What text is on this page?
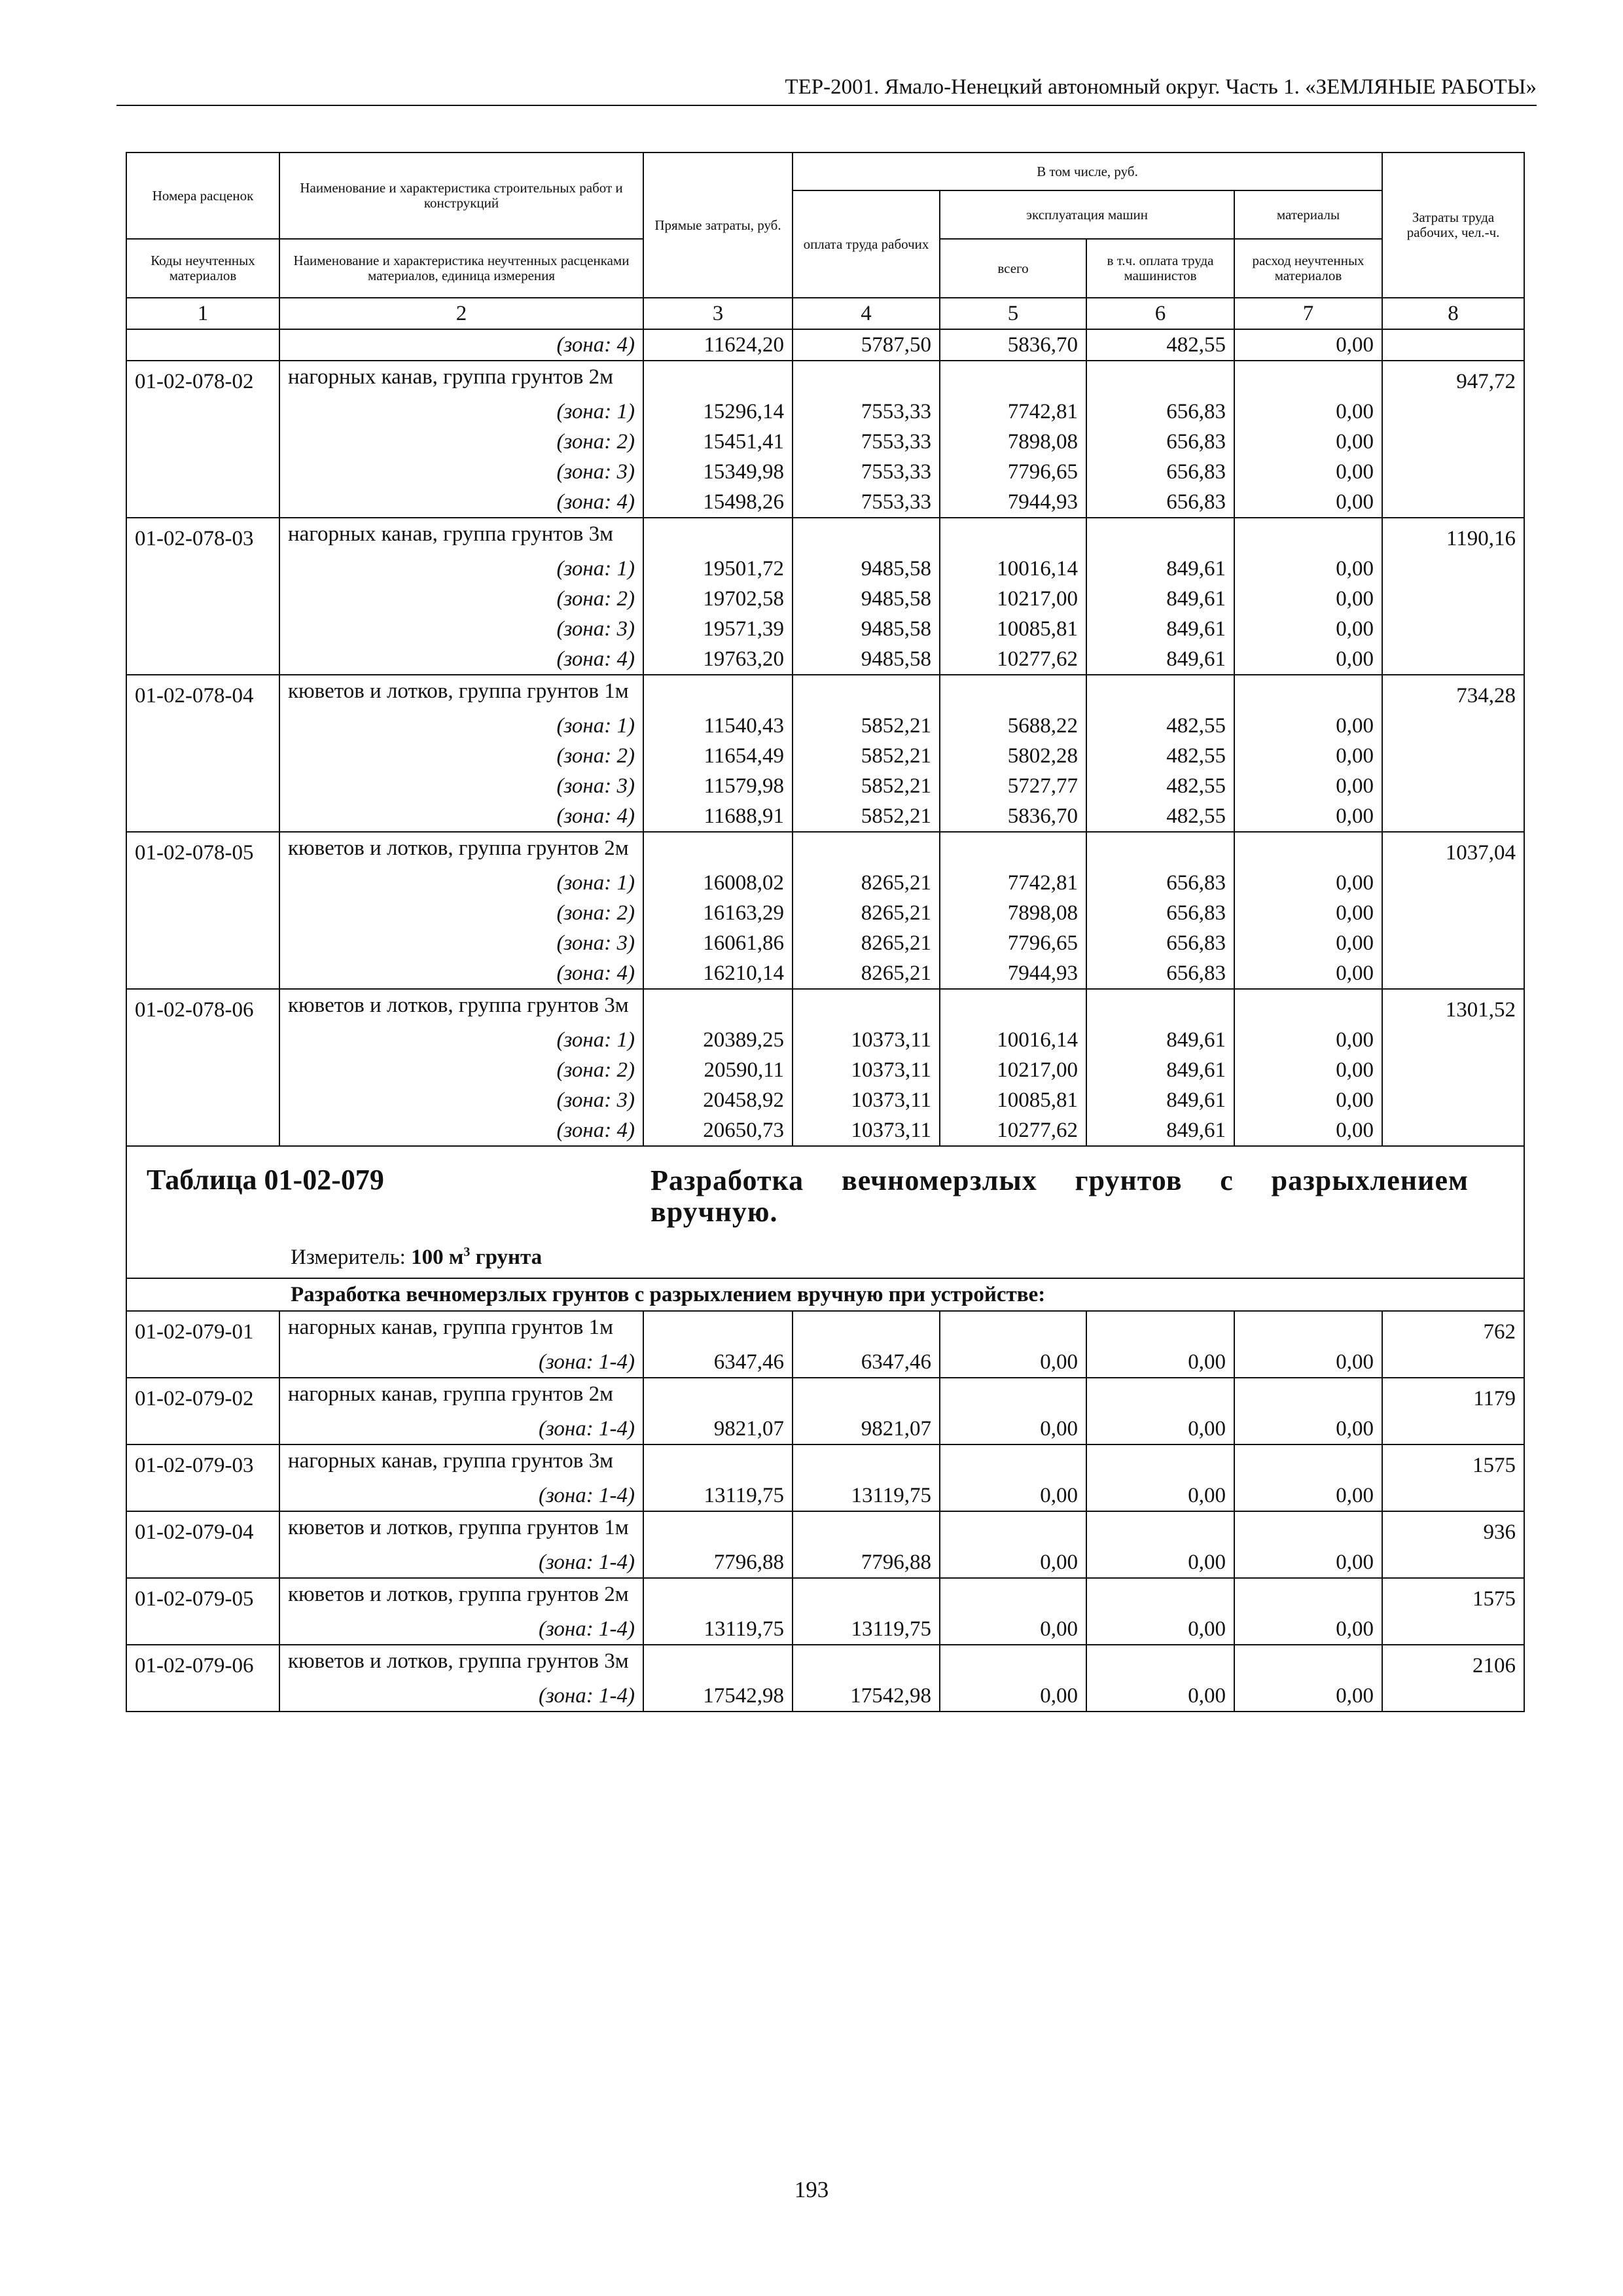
ТЕР-2001. Ямало-Ненецкий автономный округ. Часть 1. «ЗЕМЛЯНЫЕ РАБОТЫ»
Номера расценок	Наименование и характеристика строительных работ и конструкций	Прямые затраты, руб.	В том числе, руб.				Затраты труда рабочих, чел.-ч.
			оплата труда рабочих	эксплуатация машин		материалы	
				всего	в т.ч. оплата труда машинистов	расход неучтенных материалов	
Коды неучтенных материалов	Наименование и характеристика неучтенных расценками материалов, единица измерения						
1	2	3	4	5	6	7	8
	(зона: 4)	11624,20	5787,50	5836,70	482,55	0,00	
01-02-078-02	нагорных канав, группа грунтов 2м						947,72
	(зона: 1)	15296,14	7553,33	7742,81	656,83	0,00	
	(зона: 2)	15451,41	7553,33	7898,08	656,83	0,00	
	(зона: 3)	15349,98	7553,33	7796,65	656,83	0,00	
	(зона: 4)	15498,26	7553,33	7944,93	656,83	0,00	
01-02-078-03	нагорных канав, группа грунтов 3м						1190,16
	(зона: 1)	19501,72	9485,58	10016,14	849,61	0,00	
	(зона: 2)	19702,58	9485,58	10217,00	849,61	0,00	
	(зона: 3)	19571,39	9485,58	10085,81	849,61	0,00	
	(зона: 4)	19763,20	9485,58	10277,62	849,61	0,00	
01-02-078-04	кюветов и лотков, группа грунтов 1м						734,28
	(зона: 1)	11540,43	5852,21	5688,22	482,55	0,00	
	(зона: 2)	11654,49	5852,21	5802,28	482,55	0,00	
	(зона: 3)	11579,98	5852,21	5727,77	482,55	0,00	
	(зона: 4)	11688,91	5852,21	5836,70	482,55	0,00	
01-02-078-05	кюветов и лотков, группа грунтов 2м						1037,04
	(зона: 1)	16008,02	8265,21	7742,81	656,83	0,00	
	(зона: 2)	16163,29	8265,21	7898,08	656,83	0,00	
	(зона: 3)	16061,86	8265,21	7796,65	656,83	0,00	
	(зона: 4)	16210,14	8265,21	7944,93	656,83	0,00	
01-02-078-06	кюветов и лотков, группа грунтов 3м						1301,52
	(зона: 1)	20389,25	10373,11	10016,14	849,61	0,00	
	(зона: 2)	20590,11	10373,11	10217,00	849,61	0,00	
	(зона: 3)	20458,92	10373,11	10085,81	849,61	0,00	
	(зона: 4)	20650,73	10373,11	10277,62	849,61	0,00	

Таблица 01-02-079 Разработка вечномерзлых грунтов с разрыхлением вручную.
Измеритель: 100 $м^3$ грунта							

Разработка вечномерзлых грунтов с разрыхлением вручную при устройстве:							
01-02-079-01	нагорных канав, группа грунтов 1м						762
	(зона: 1-4)	6347,46	6347,46	0,00	0,00	0,00	
01-02-079-02	нагорных канав, группа грунтов 2м						1179
	(зона: 1-4)	9821,07	9821,07	0,00	0,00	0,00	
01-02-079-03	нагорных канав, группа грунтов 3м						1575
	(зона: 1-4)	13119,75	13119,75	0,00	0,00	0,00	
01-02-079-04	кюветов и лотков, группа грунтов 1м						936
	(зона: 1-4)	7796,88	7796,88	0,00	0,00	0,00	
01-02-079-05	кюветов и лотков, группа грунтов 2м						1575
	(зона: 1-4)	13119,75	13119,75	0,00	0,00	0,00	
01-02-079-06	кюветов и лотков, группа грунтов 3м						2106
	(зона: 1-4)	17542,98	17542,98	0,00	0,00	0,00	
193
